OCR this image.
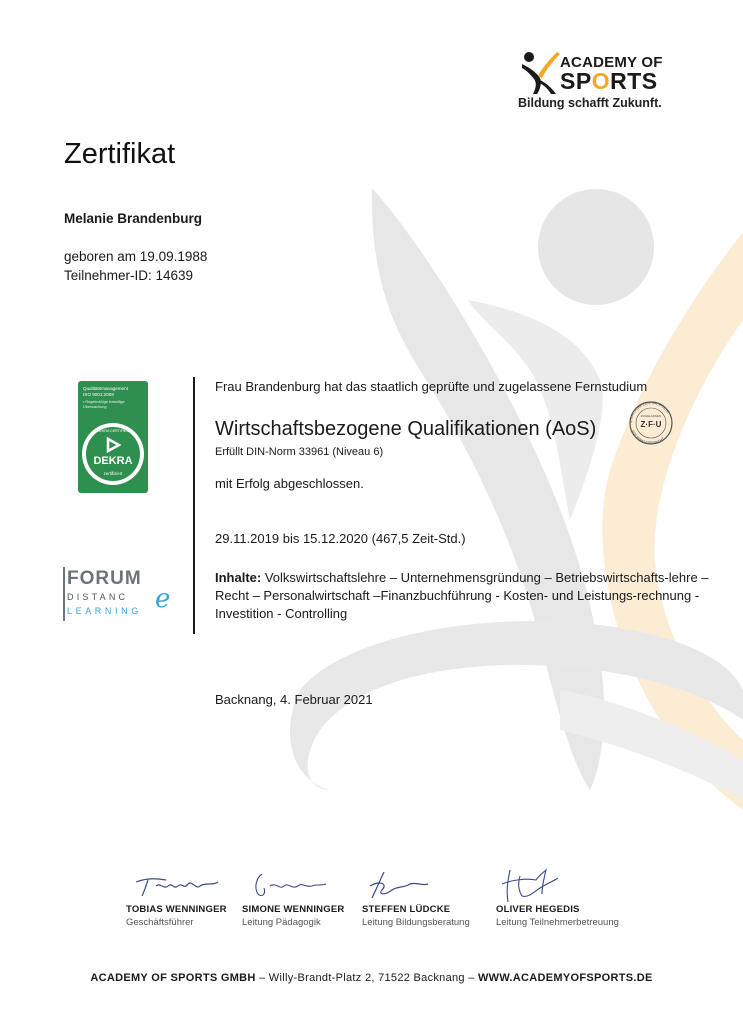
ACADEMY OF
SPORTS
Bildung schafft Zukunft.
Zertifikat
Melanie Brandenburg
geboren am 19.09.1988
Teilnehmer-ID: 14639
Qualitätsmanagement
ISO 9001:2008
• Regelmäßige freiwillige
Überwachung
DEKRA CERTIFIED
DEKRA
zertifiziert
FORUM
DISTANC e
LEARNING
Frau Brandenburg hat das staatlich geprüfte und zugelassene Fernstudium
Wirtschaftsbezogene Qualifikationen (AoS)
Erfüllt DIN-Norm 33961 (Niveau 6)
STAATLICHE ZENTRALSTELLE
FÜR FERNUNTERRICHT
ZUGELASSEN
Z·F·U
mit Erfolg abgeschlossen.
29.11.2019 bis 15.12.2020 (467,5 Zeit-Std.)
Inhalte: Volkswirtschaftslehre – Unternehmensgründung – Betriebswirtschafts-lehre – Recht – Personalwirtschaft –Finanzbuchführung - Kosten- und Leistungs-rechnung - Investition - Controlling
Backnang, 4. Februar 2021
TOBIAS WENNINGER
Geschäftsführer
SIMONE WENNINGER
Leitung Pädagogik
STEFFEN LÜDCKE
Leitung Bildungsberatung
OLIVER HEGEDIS
Leitung Teilnehmerbetreuung
ACADEMY OF SPORTS GMBH – Willy-Brandt-Platz 2, 71522 Backnang – WWW.ACADEMYOFSPORTS.DE
